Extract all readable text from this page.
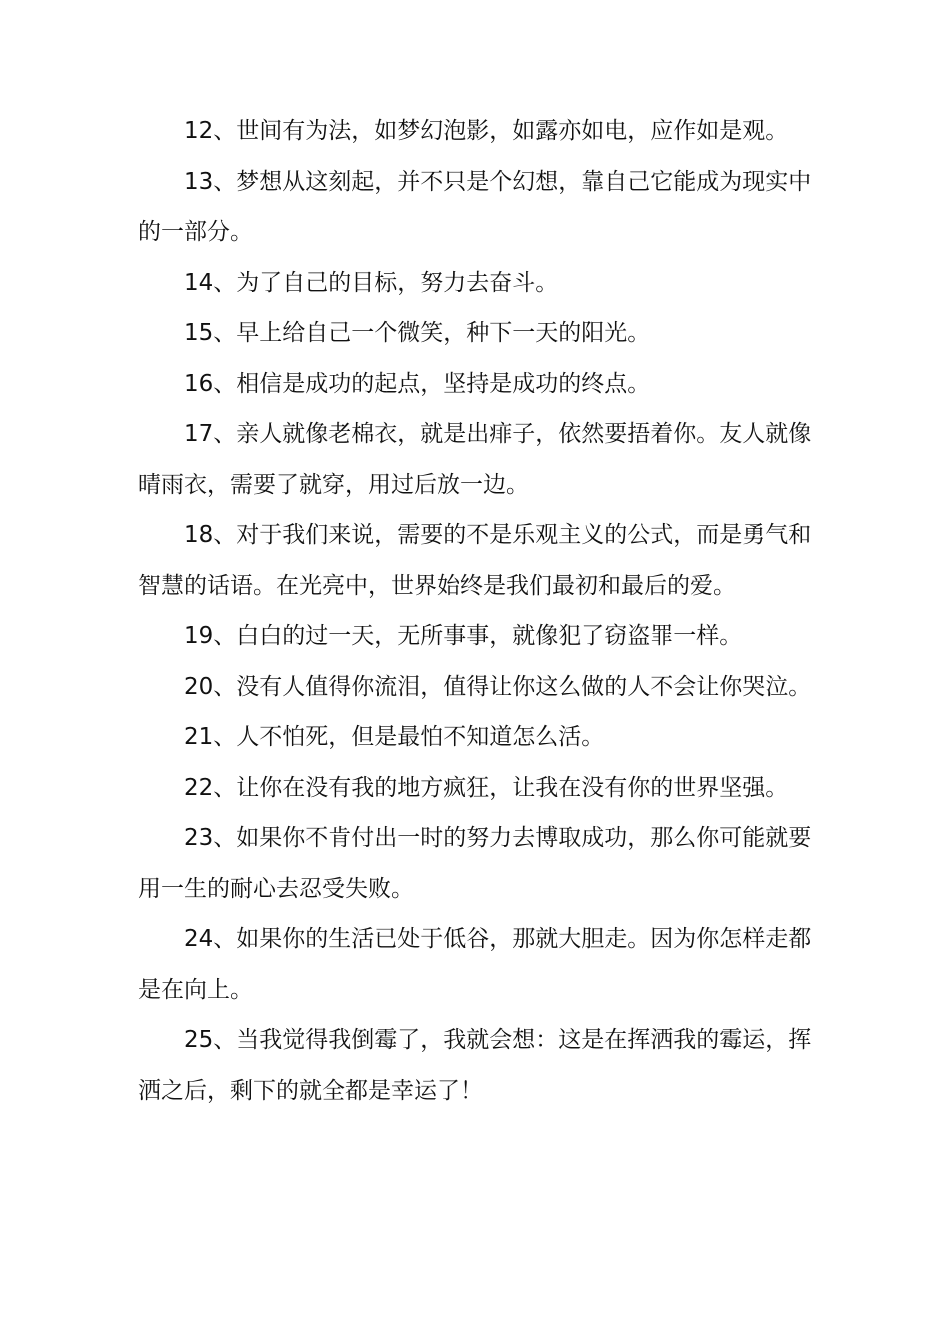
12、世间有为法，如梦幻泡影，如露亦如电，应作如是观。

13、梦想从这刻起，并不只是个幻想，靠自己它能成为现实中的一部分。

14、为了自己的目标，努力去奋斗。

15、早上给自己一个微笑，种下一天的阳光。

16、相信是成功的起点，坚持是成功的终点。

17、亲人就像老棉衣，就是出痱子，依然要捂着你。友人就像晴雨衣，需要了就穿，用过后放一边。

18、对于我们来说，需要的不是乐观主义的公式，而是勇气和智慧的话语。在光亮中，世界始终是我们最初和最后的爱。

19、白白的过一天，无所事事，就像犯了窃盗罪一样。

20、没有人值得你流泪，值得让你这么做的人不会让你哭泣。

21、人不怕死，但是最怕不知道怎么活。

22、让你在没有我的地方疯狂，让我在没有你的世界坚强。

23、如果你不肯付出一时的努力去博取成功，那么你可能就要用一生的耐心去忍受失败。

24、如果你的生活已处于低谷，那就大胆走。因为你怎样走都是在向上。

25、当我觉得我倒霉了，我就会想：这是在挥洒我的霉运，挥洒之后，剩下的就全都是幸运了！
